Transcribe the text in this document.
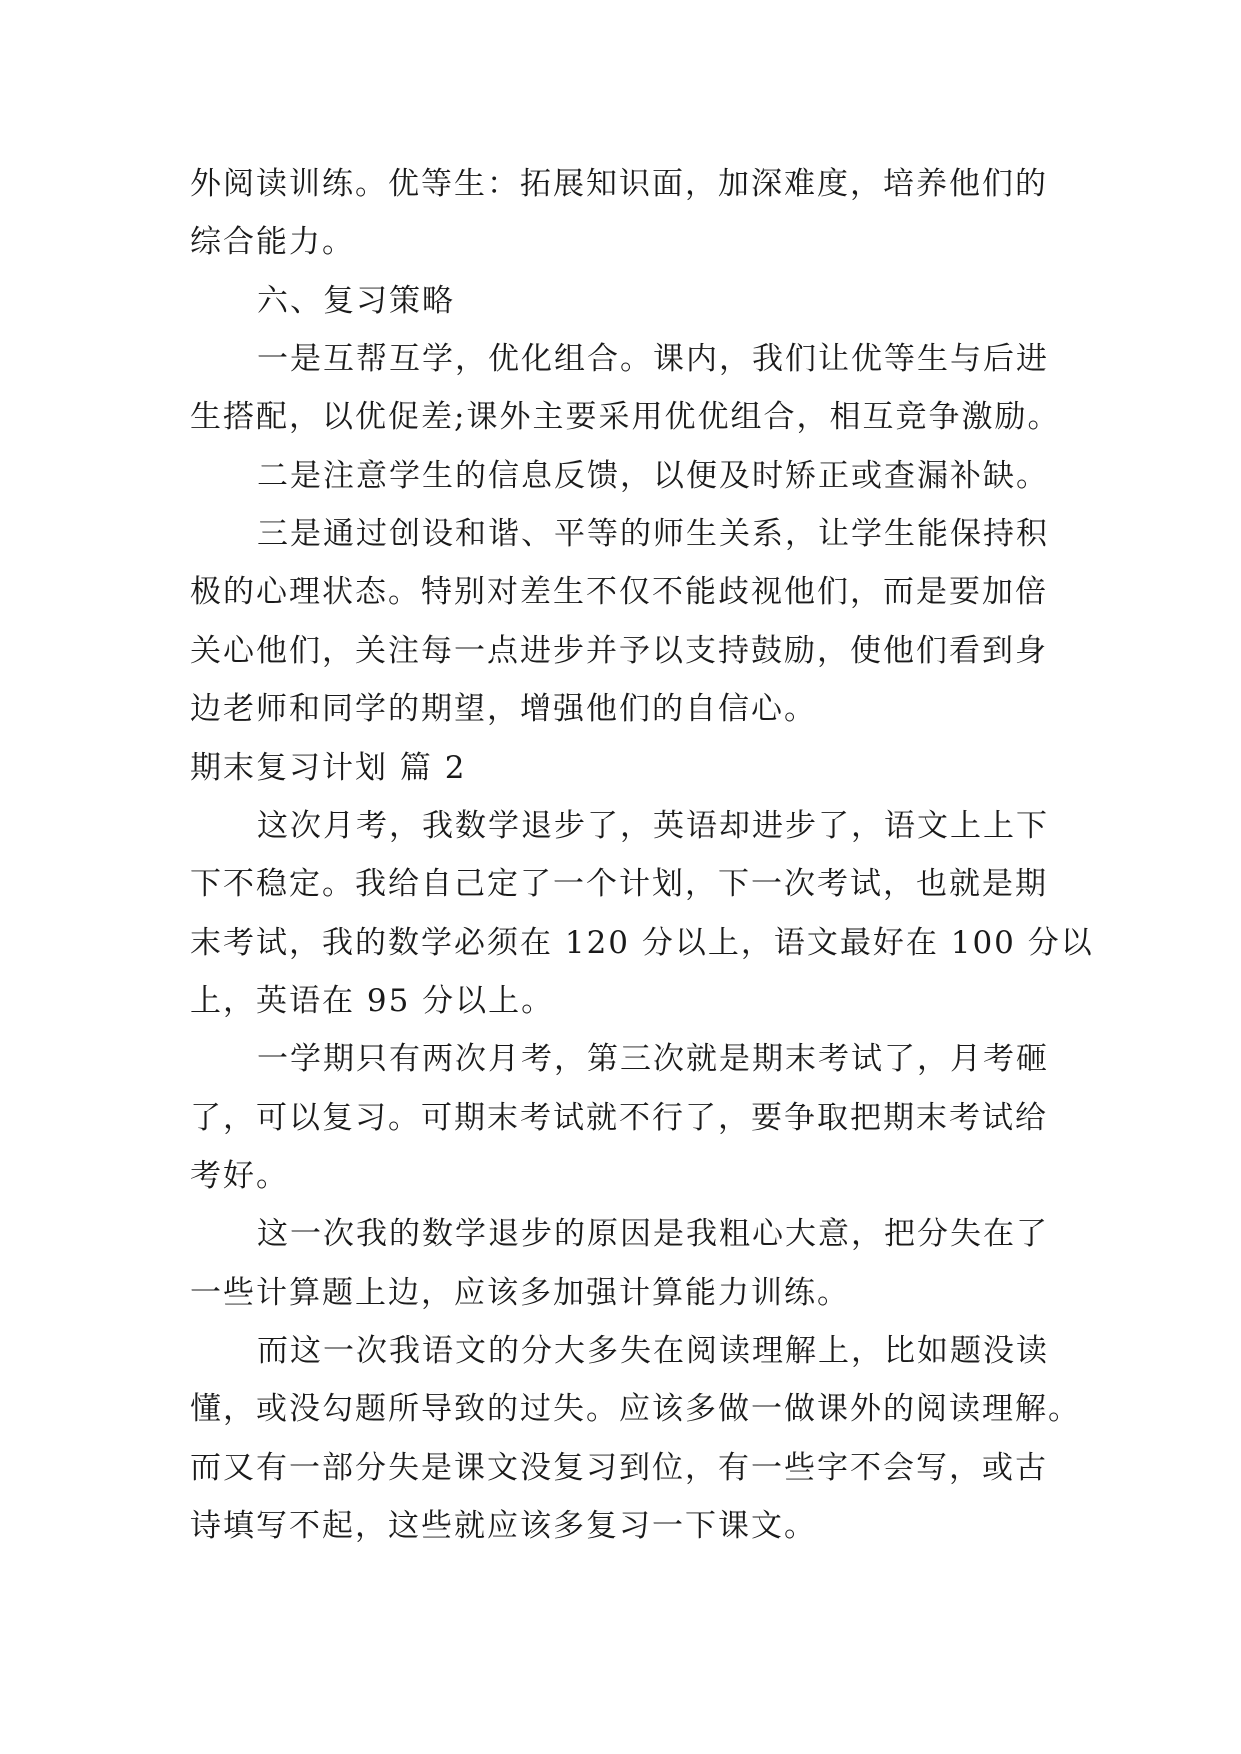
外阅读训练。优等生：拓展知识面，加深难度，培养他们的
综合能力。
六、复习策略
一是互帮互学，优化组合。课内，我们让优等生与后进
生搭配，以优促差;课外主要采用优优组合，相互竞争激励。
二是注意学生的信息反馈，以便及时矫正或查漏补缺。
三是通过创设和谐、平等的师生关系，让学生能保持积
极的心理状态。特别对差生不仅不能歧视他们，而是要加倍
关心他们，关注每一点进步并予以支持鼓励，使他们看到身
边老师和同学的期望，增强他们的自信心。
期末复习计划 篇 2
这次月考，我数学退步了，英语却进步了，语文上上下
下不稳定。我给自己定了一个计划，下一次考试，也就是期
末考试，我的数学必须在 120 分以上，语文最好在 100 分以
上，英语在 95 分以上。
一学期只有两次月考，第三次就是期末考试了，月考砸
了，可以复习。可期末考试就不行了，要争取把期末考试给
考好。
这一次我的数学退步的原因是我粗心大意，把分失在了
一些计算题上边，应该多加强计算能力训练。
而这一次我语文的分大多失在阅读理解上，比如题没读
懂，或没勾题所导致的过失。应该多做一做课外的阅读理解。
而又有一部分失是课文没复习到位，有一些字不会写，或古
诗填写不起，这些就应该多复习一下课文。
